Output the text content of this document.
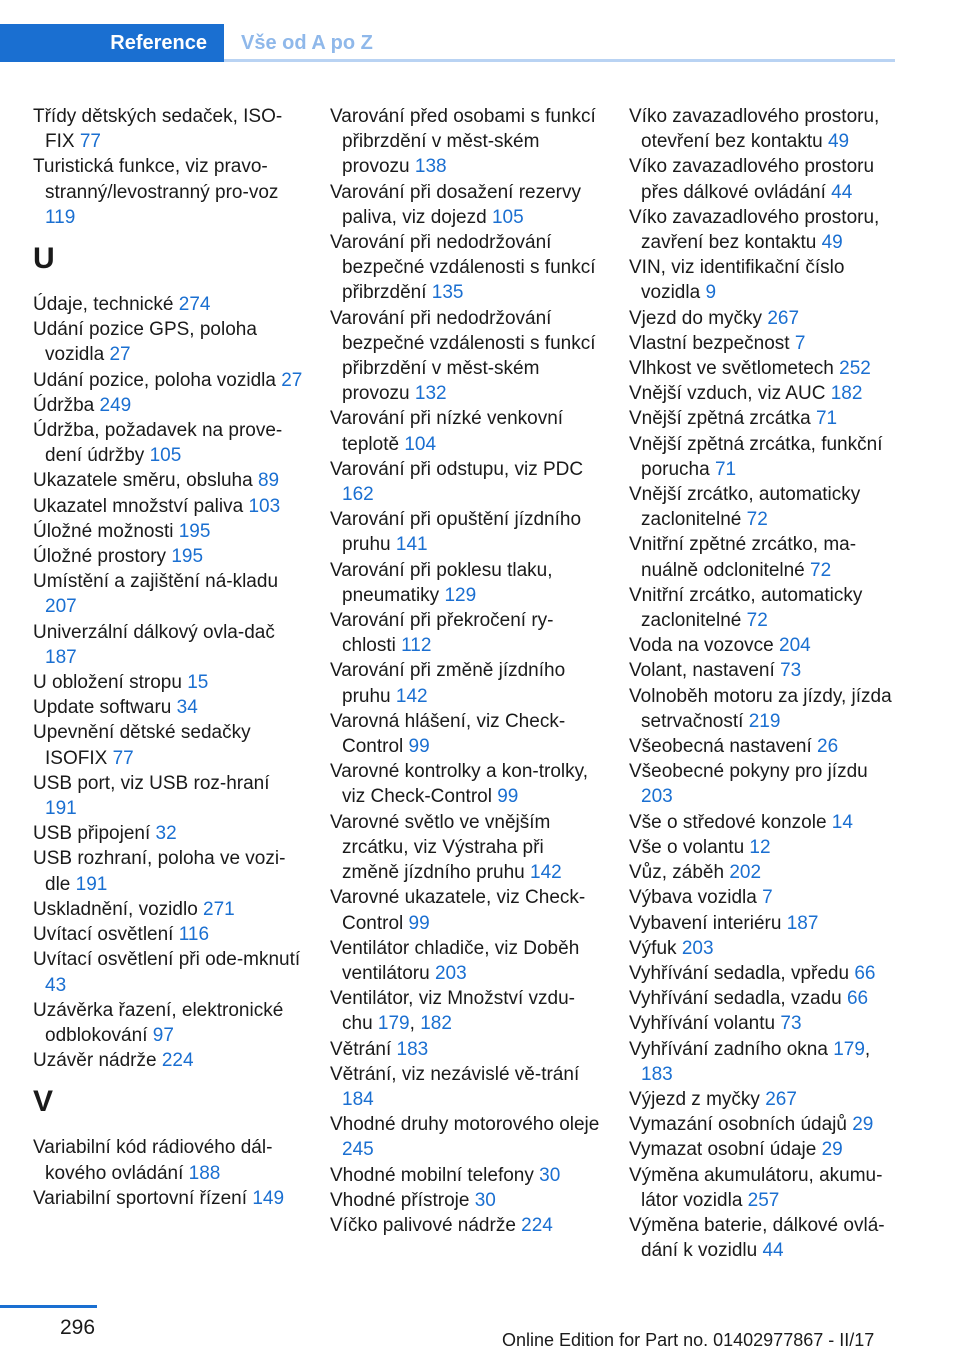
Reference Vše od A po Z

Třídy dětských sedaček, ISO-FIX 77

Turistická funkce, viz pravo-stranný/levostranný pro-voz 119

U

Údaje, technické 274

Udání pozice GPS, poloha vozidla 27

Udání pozice, poloha vozidla 27

Údržba 249

Údržba, požadavek na prove-dení údržby 105

Ukazatele směru, obsluha 89

Ukazatel množství paliva 103

Úložné možnosti 195

Úložné prostory 195

Umístění a zajištění ná-kladu 207

Univerzální dálkový ovla-dač 187

U obložení stropu 15

Update softwaru 34

Upevnění dětské sedačky ISOFIX 77

USB port, viz USB roz-hraní 191

USB připojení 32

USB rozhraní, poloha ve vozi-dle 191

Uskladnění, vozidlo 271

Uvítací osvětlení 116

Uvítací osvětlení při ode-mknutí 43

Uzávěrka řazení, elektronické odblokování 97

Uzávěr nádrže 224

V

Variabilní kód rádiového dál-kového ovládání 188

Variabilní sportovní řízení 149

Varování před osobami s funkcí přibrzdění v měst-ském provozu 138

Varování při dosažení rezervy paliva, viz dojezd 105

Varování při nedodržování bezpečné vzdálenosti s funkcí přibrzdění 135

Varování při nedodržování bezpečné vzdálenosti s funkcí přibrzdění v měst-ském provozu 132

Varování při nízké venkovní teplotě 104

Varování při odstupu, viz PDC 162

Varování při opuštění jízdního pruhu 141

Varování při poklesu tlaku, pneumatiky 129

Varování při překročení ry-chlosti 112

Varování při změně jízdního pruhu 142

Varovná hlášení, viz Check-Control 99

Varovné kontrolky a kon-trolky, viz Check-Control 99

Varovné světlo ve vnějším zrcátku, viz Výstraha při změně jízdního pruhu 142

Varovné ukazatele, viz Check-Control 99

Ventilátor chladiče, viz Doběh ventilátoru 203

Ventilátor, viz Množství vzdu-chu 179, 182

Větrání 183

Větrání, viz nezávislé vě-trání 184

Vhodné druhy motorového oleje 245

Vhodné mobilní telefony 30

Vhodné přístroje 30

Víčko palivové nádrže 224

Víko zavazadlového prostoru, otevření bez kontaktu 49

Víko zavazadlového prostoru přes dálkové ovládání 44

Víko zavazadlového prostoru, zavření bez kontaktu 49

VIN, viz identifikační číslo vozidla 9

Vjezd do myčky 267

Vlastní bezpečnost 7

Vlhkost ve světlometech 252

Vnější vzduch, viz AUC 182

Vnější zpětná zrcátka 71

Vnější zpětná zrcátka, funkční porucha 71

Vnější zrcátko, automaticky zaclonitelné 72

Vnitřní zpětné zrcátko, ma-nuálně odclonitelné 72

Vnitřní zrcátko, automaticky zaclonitelné 72

Voda na vozovce 204

Volant, nastavení 73

Volnoběh motoru za jízdy, jízda setrvačností 219

Všeobecná nastavení 26

Všeobecné pokyny pro jízdu 203

Vše o středové konzole 14

Vše o volantu 12

Vůz, záběh 202

Výbava vozidla 7

Vybavení interiéru 187

Výfuk 203

Vyhřívání sedadla, vpředu 66

Vyhřívání sedadla, vzadu 66

Vyhřívání volantu 73

Vyhřívání zadního okna 179, 183

Výjezd z myčky 267

Vymazání osobních údajů 29

Vymazat osobní údaje 29

Výměna akumulátoru, akumu-látor vozidla 257

Výměna baterie, dálkové ovlá-dání k vozidlu 44

296
Online Edition for Part no. 01402977867 - II/17
